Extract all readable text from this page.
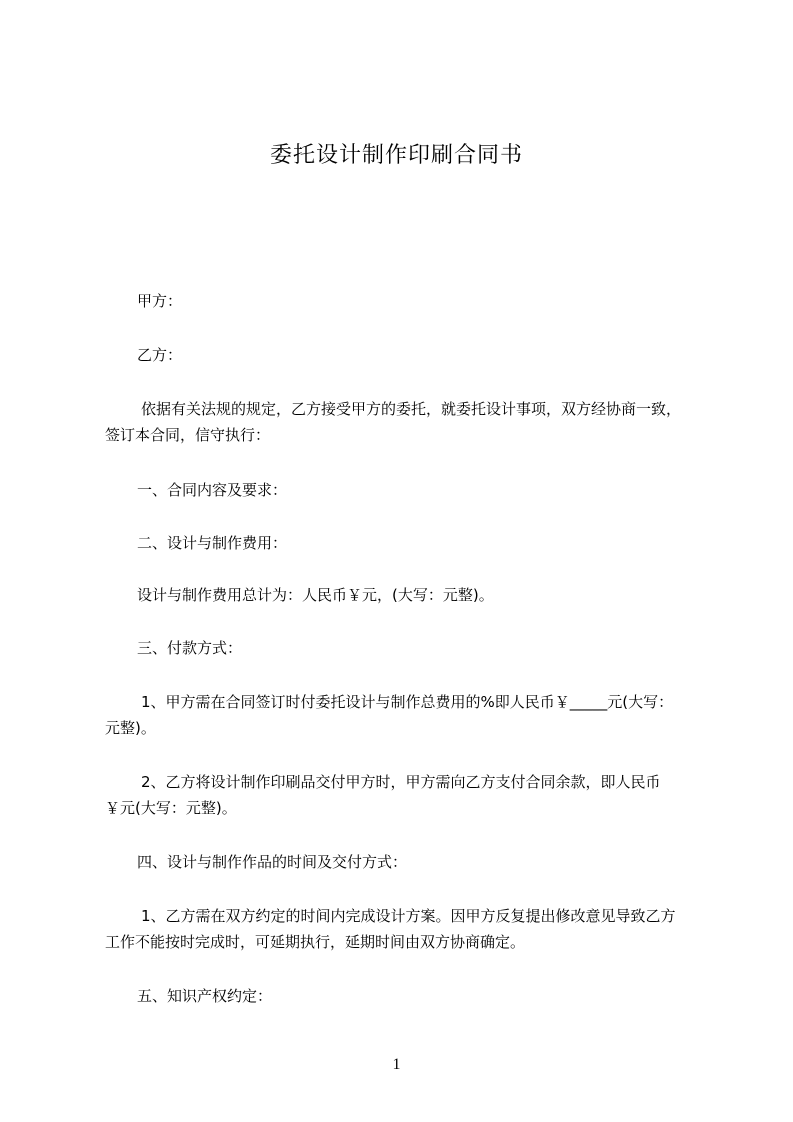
委托设计制作印刷合同书
甲方：
乙方：
依据有关法规的规定，乙方接受甲方的委托，就委托设计事项，双方经协商一致，
签订本合同，信守执行：
一、合同内容及要求：
二、设计与制作费用：
设计与制作费用总计为：人民币￥元，(大写：元整)。
三、付款方式：
1、甲方需在合同签订时付委托设计与制作总费用的%即人民币￥_____元(大写：
元整)。
2、乙方将设计制作印刷品交付甲方时，甲方需向乙方支付合同余款，即人民币
￥元(大写：元整)。
四、设计与制作作品的时间及交付方式：
1、乙方需在双方约定的时间内完成设计方案。因甲方反复提出修改意见导致乙方
工作不能按时完成时，可延期执行，延期时间由双方协商确定。
五、知识产权约定：
1
